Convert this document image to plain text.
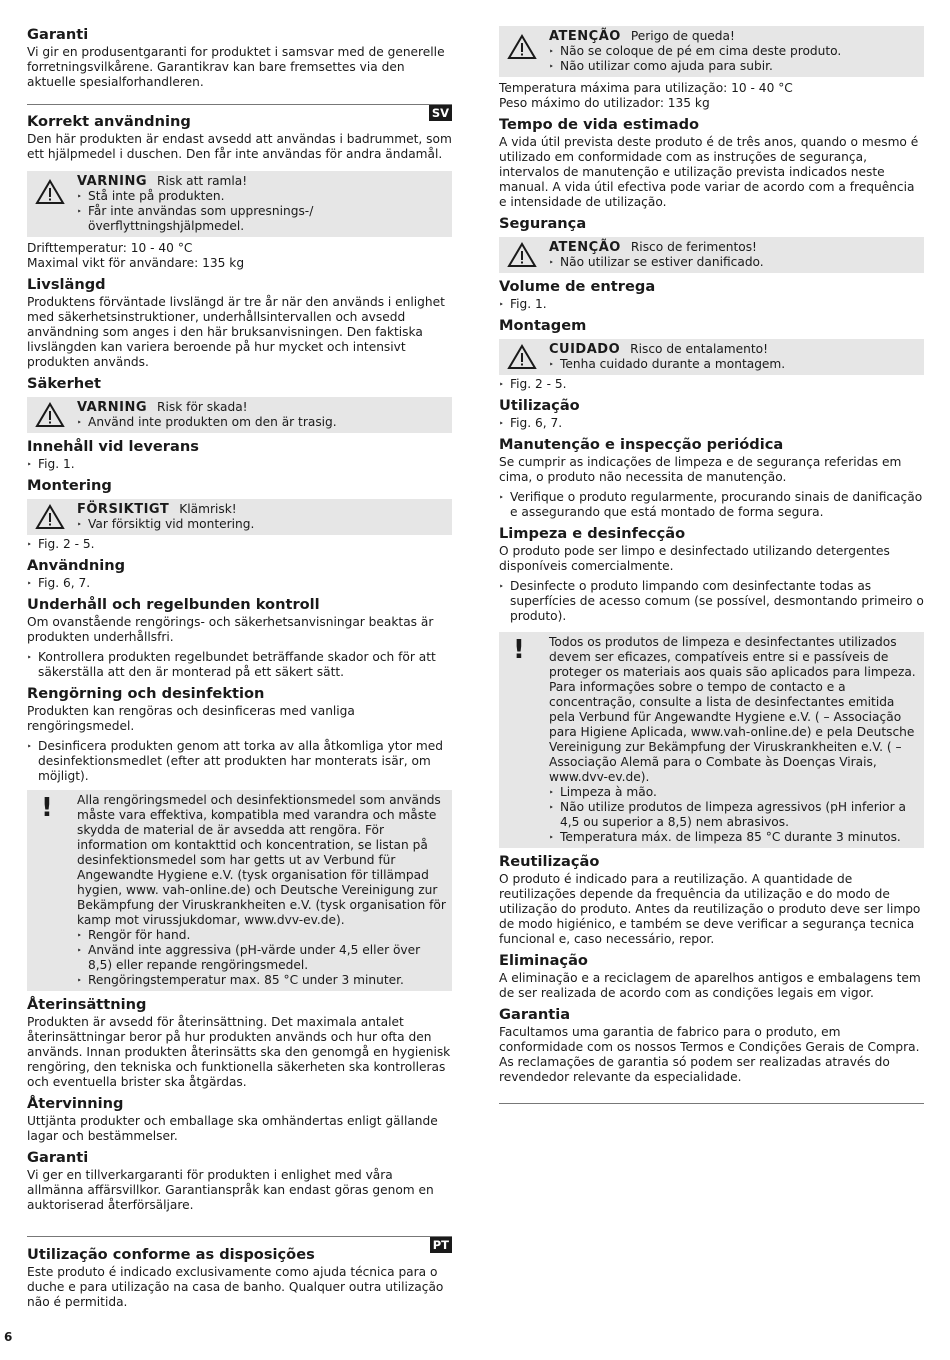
Garanti

Vi gir en produsentgaranti for produktet i samsvar med de generelle forretningsvilkårene. Garantikrav kan bare fremsettes via den aktuelle spesialforhandleren.

SV
Korrekt användning

Den här produkten är endast avsedd att användas i badrummet, som ett hjälpmedel i duschen. Den får inte användas för andra ändamål.

VARNING Risk att ramla!
‣ Stå inte på produkten.
‣ Får inte användas som uppresnings-/ överflyttningshjälpmedel.

Drifttemperatur: 10 - 40 °C

Maximal vikt för användare: 135 kg

Livslängd

Produktens förväntade livslängd är tre år när den används i enlighet med säkerhetsinstruktioner, underhållsintervallen och avsedd användning som anges i den här bruksanvisningen. Den faktiska livslängden kan variera beroende på hur mycket och intensivt produkten används.

Säkerhet
VARNING Risk för skada!
‣ Använd inte produkten om den är trasig.
Innehåll vid leverans
‣ Fig. 1.
Montering
FÖRSIKTIGT Klämrisk!
‣ Var försiktig vid montering.
‣ Fig. 2 - 5.
Användning
‣ Fig. 6, 7.
Underhåll och regelbunden kontroll

Om ovanstående rengörings- och säkerhetsanvisningar beaktas är produkten underhållsfri.

‣ Kontrollera produkten regelbundet beträffande skador och för att säkerställa att den är monterad på ett säkert sätt.
Rengörning och desinfektion

Produkten kan rengöras och desinficeras med vanliga rengöringsmedel.

‣ Desinficera produkten genom att torka av alla åtkomliga ytor med desinfektionsmedlet (efter att produkten har monterats isär, om möjligt).
! Alla rengöringsmedel och desinfektionsmedel som används måste vara effektiva, kompatibla med varandra och måste skydda de material de är avsedda att rengöra. För information om kontakttid och koncentration, se listan på desinfektionsmedel som har getts ut av Verbund für Angewandte Hygiene e.V. (tysk organisation för tillämpad hygien, www. vah-online.de) och Deutsche Vereinigung zur Bekämpfung der Viruskrankheiten e.V. (tysk organisation för kamp mot virussjukdomar, www.dvv-ev.de).

‣ Rengör för hand.
‣ Använd inte aggressiva (pH-värde under 4,5 eller över 8,5) eller repande rengöringsmedel.
‣ Rengöringstemperatur max. 85 °C under 3 minuter.
Återinsättning

Produkten är avsedd för återinsättning. Det maximala antalet återinsättningar beror på hur produkten används och hur ofta den används. Innan produkten återinsätts ska den genomgå en hygienisk rengöring, den tekniska och funktionella säkerheten ska kontrolleras och eventuella brister ska åtgärdas.

Återvinning

Uttjänta produkter och emballage ska omhändertas enligt gällande lagar och bestämmelser.

Garanti

Vi ger en tillverkargaranti för produkten i enlighet med våra allmänna affärsvillkor. Garantianspråk kan endast göras genom en auktoriserad återförsäljare.

PT
Utilização conforme as disposições

Este produto é indicado exclusivamente como ajuda técnica para o duche e para utilização na casa de banho. Qualquer outra utilização não é permitida.

ATENÇÃO Perigo de queda!
‣ Não se coloque de pé em cima deste produto.
‣ Não utilizar como ajuda para subir.

Temperatura máxima para utilização: 10 - 40 °C

Peso máximo do utilizador: 135 kg

Tempo de vida estimado

A vida útil prevista deste produto é de três anos, quando o mesmo é utilizado em conformidade com as instruções de segurança, intervalos de manutenção e utilização prevista indicados neste manual. A vida útil efectiva pode variar de acordo com a frequência e intensidade de utilização.

Segurança
ATENÇÃO Risco de ferimentos!
‣ Não utilizar se estiver danificado.
Volume de entrega
‣ Fig. 1.
Montagem
CUIDADO Risco de entalamento!
‣ Tenha cuidado durante a montagem.
‣ Fig. 2 - 5.
Utilização
‣ Fig. 6, 7.
Manutenção e inspecção periódica

Se cumprir as indicações de limpeza e de segurança referidas em cima, o produto não necessita de manutenção.

‣ Verifique o produto regularmente, procurando sinais de danificação e assegurando que está montado de forma segura.
Limpeza e desinfecção

O produto pode ser limpo e desinfectado utilizando detergentes disponíveis comercialmente.

‣ Desinfecte o produto limpando com desinfectante todas as superfícies de acesso comum (se possível, desmontando primeiro o produto).
! Todos os produtos de limpeza e desinfectantes utilizados devem ser eficazes, compatíveis entre si e passíveis de proteger os materiais aos quais são aplicados para limpeza. Para informações sobre o tempo de contacto e a concentração, consulte a lista de desinfectantes emitida pela Verbund für Angewandte Hygiene e.V. ( – Associação para Higiene Aplicada, www.vah-online.de) e pela Deutsche Vereinigung zur Bekämpfung der Viruskrankheiten e.V. ( – Associação Alemã para o Combate às Doenças Virais, www.dvv-ev.de).

‣ Limpeza à mão.
‣ Não utilize produtos de limpeza agressivos (pH inferior a 4,5 ou superior a 8,5) nem abrasivos.
‣ Temperatura máx. de limpeza 85 °C durante 3 minutos.
Reutilização

O produto é indicado para a reutilização. A quantidade de reutilizações depende da frequência da utilização e do modo de utilização do produto. Antes da reutilização o produto deve ser limpo de modo higiénico, e também se deve verificar a segurança tecnica funcional e, caso necessário, repor.

Eliminação

A eliminação e a reciclagem de aparelhos antigos e embalagens tem de ser realizada de acordo com as condições legais em vigor.

Garantia

Facultamos uma garantia de fabrico para o produto, em conformidade com os nossos Termos e Condições Gerais de Compra. As reclamações de garantia só podem ser realizadas através do revendedor relevante da especialidade.

6
